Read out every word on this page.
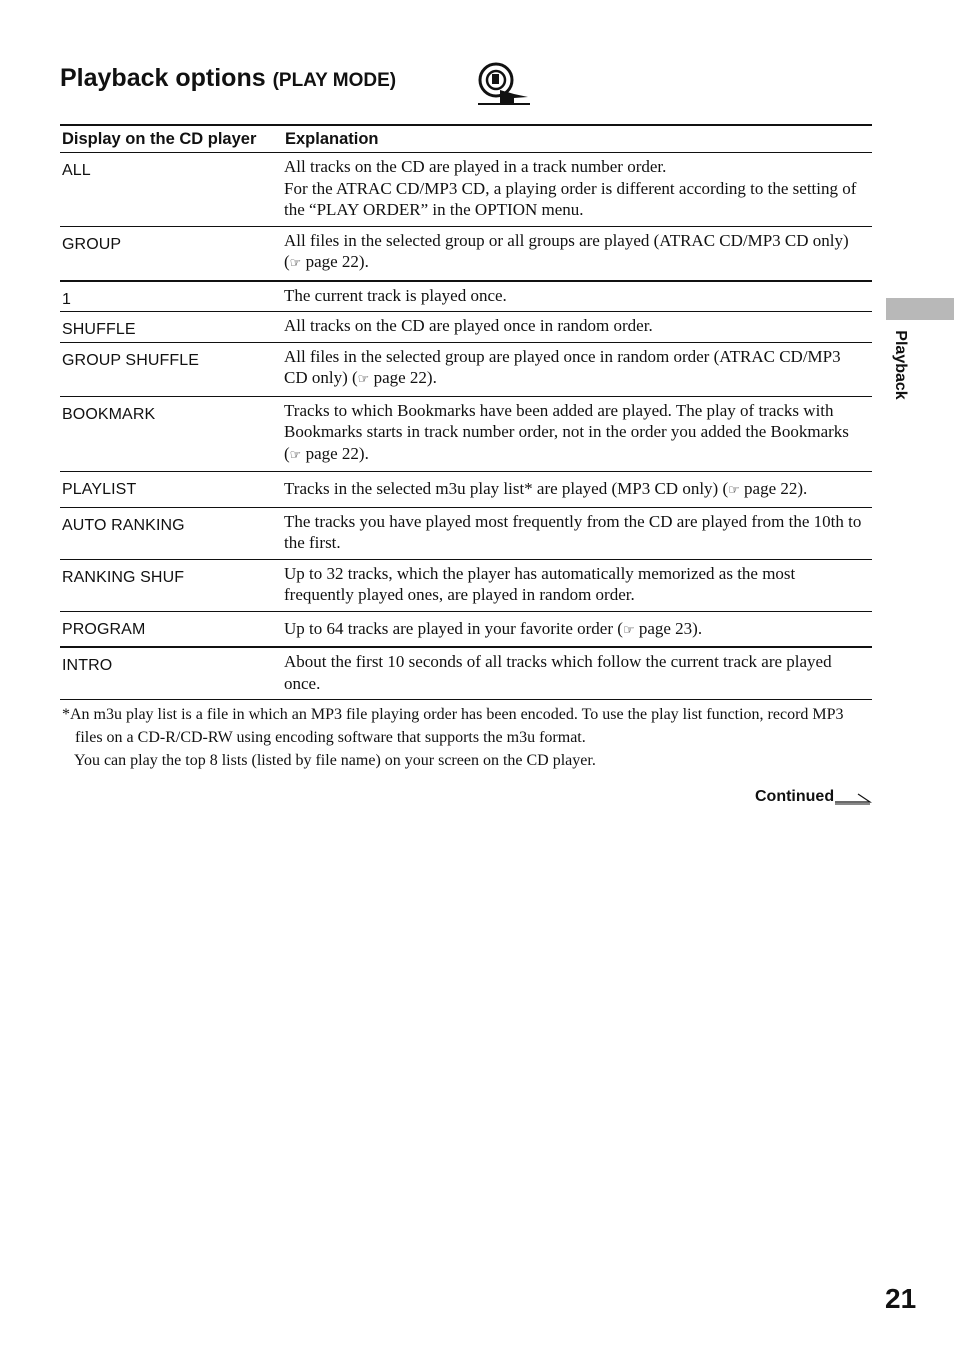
Playback options (PLAY MODE)
Display on the CD player	Explanation
ALL	All tracks on the CD are played in a track number order.
For the ATRAC CD/MP3 CD, a playing order is different according to the setting of the “PLAY ORDER” in the OPTION menu.
GROUP	All files in the selected group or all groups are played (ATRAC CD/MP3 CD only) (☞ page 22).
1	The current track is played once.
SHUFFLE	All tracks on the CD are played once in random order.
GROUP SHUFFLE	All files in the selected group are played once in random order (ATRAC CD/MP3 CD only) (☞ page 22).
BOOKMARK	Tracks to which Bookmarks have been added are played. The play of tracks with Bookmarks starts in track number order, not in the order you added the Bookmarks (☞ page 22).
PLAYLIST	Tracks in the selected m3u play list* are played (MP3 CD only) (☞ page 22).
AUTO RANKING	The tracks you have played most frequently from the CD are played from the 10th to the first.
RANKING SHUF	Up to 32 tracks, which the player has automatically memorized as the most frequently played ones, are played in random order.
PROGRAM	Up to 64 tracks are played in your favorite order (☞ page 23).
INTRO	About the first 10 seconds of all tracks which follow the current track are played once.

*An m3u play list is a file in which an MP3 file playing order has been encoded. To use the play list function, record MP3 files on a CD-R/CD-RW using encoding software that supports the m3u format.

You can play the top 8 lists (listed by file name) on your screen on the CD player.

Continued
Playback
21
